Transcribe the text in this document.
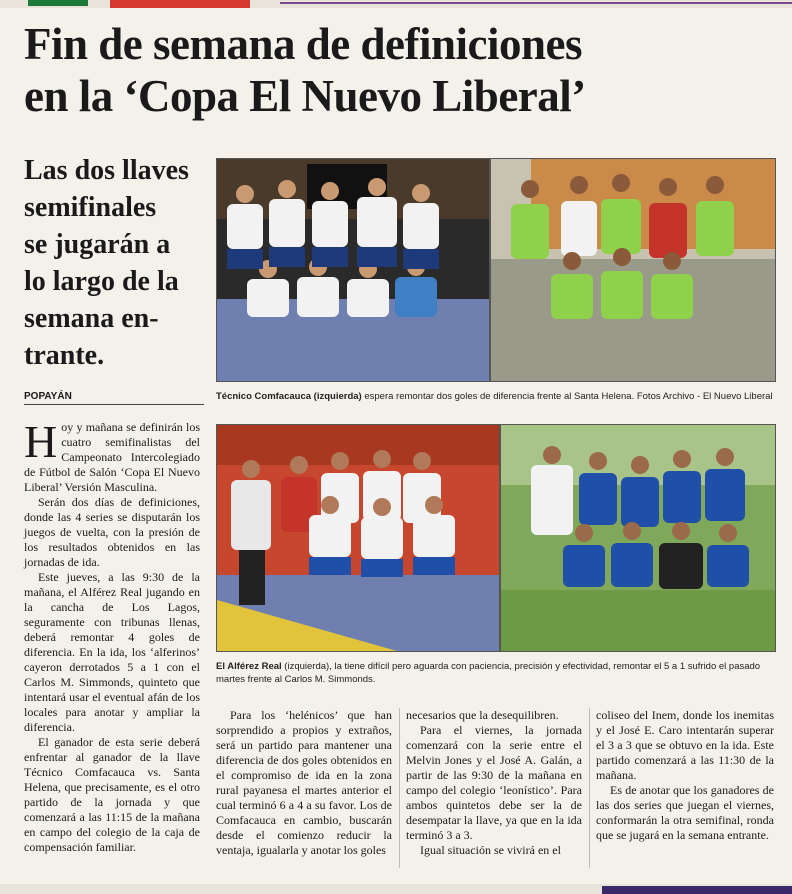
Fin de semana de definiciones
en la ‘Copa El Nuevo Liberal’
Las dos llaves
semifinales
se jugarán a
lo largo de la
semana en-
trante.
POPAYÁN	Técnico Comfacauca (izquierda) espera remontar dos goles de diferencia frente al Santa Helena. Fotos Archivo - El Nuevo Liberal
El Alférez Real (izquierda), la tiene difícil pero aguarda con paciencia, precisión y efectividad, remontar el 5 a 1 sufrido el pasado martes frente al Carlos M. Simmonds.

Hoy y mañana se definirán los cuatro semifinalistas del Campeonato Intercolegiado de Fútbol de Salón ‘Copa El Nuevo Liberal’ Versión Masculina.

Serán dos días de definiciones, donde las 4 series se disputarán los juegos de vuelta, con la presión de los resultados obtenidos en las jornadas de ida.

Este jueves, a las 9:30 de la mañana, el Alférez Real jugando en la cancha de Los Lagos, seguramente con tribunas llenas, deberá remontar 4 goles de diferencia. En la ida, los ‘alferinos’ cayeron derrotados 5 a 1 con el Carlos M. Simmonds, quinteto que intentará usar el eventual afán de los locales para anotar y ampliar la diferencia.

El ganador de esta serie deberá enfrentar al ganador de la llave Técnico Comfacauca vs. Santa Helena, que precisamente, es el otro partido de la jornada y que comenzará a las 11:15 de la mañana en campo del colegio de la caja de compensación familiar.

Para los ‘helénicos’ que han sorprendido a propios y extraños, será un partido para mantener una diferencia de dos goles obtenidos en el compromiso de ida en la zona rural payanesa el martes anterior el cual terminó 6 a 4 a su favor. Los de Comfacauca en cambio, buscarán desde el comienzo reducir la ventaja, igualarla y anotar los goles

necesarios que la desequilibren.

Para el viernes, la jornada comenzará con la serie entre el Melvin Jones y el José A. Galán, a partir de las 9:30 de la mañana en campo del colegio ‘leonístico’. Para ambos quintetos debe ser la de desempatar la llave, ya que en la ida terminó 3 a 3.

Igual situación se vivirá en el

coliseo del Inem, donde los inemitas y el José E. Caro intentarán superar el 3 a 3 que se obtuvo en la ida. Este partido comenzará a las 11:30 de la mañana.

Es de anotar que los ganadores de las dos series que juegan el viernes, conformarán la otra semifinal, ronda que se jugará en la semana entrante.
